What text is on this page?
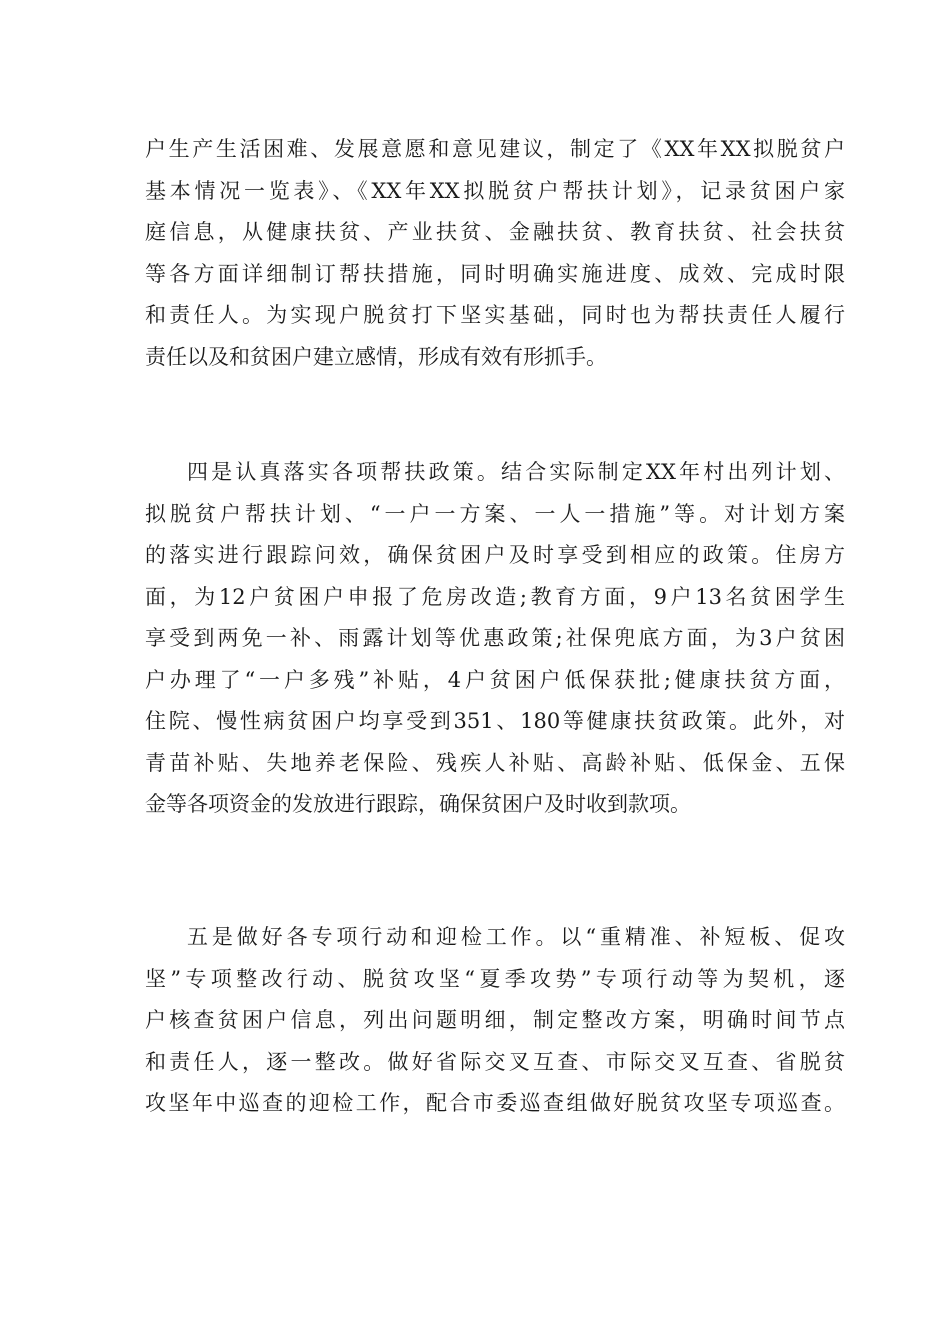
户生产生活困难、发展意愿和意见建议，制定了《XX年XX拟脱贫户
基本情况一览表》、《XX年XX拟脱贫户帮扶计划》，记录贫困户家
庭信息，从健康扶贫、产业扶贫、金融扶贫、教育扶贫、社会扶贫
等各方面详细制订帮扶措施，同时明确实施进度、成效、完成时限
和责任人。为实现户脱贫打下坚实基础，同时也为帮扶责任人履行
责任以及和贫困户建立感情，形成有效有形抓手。

四是认真落实各项帮扶政策。结合实际制定XX年村出列计划、
拟脱贫户帮扶计划、“一户一方案、一人一措施”等。对计划方案
的落实进行跟踪问效，确保贫困户及时享受到相应的政策。住房方
面，为12户贫困户申报了危房改造;教育方面，9户13名贫困学生
享受到两免一补、雨露计划等优惠政策;社保兜底方面，为3户贫困
户办理了“一户多残”补贴，4户贫困户低保获批;健康扶贫方面，
住院、慢性病贫困户均享受到351、180等健康扶贫政策。此外，对
青苗补贴、失地养老保险、残疾人补贴、高龄补贴、低保金、五保
金等各项资金的发放进行跟踪，确保贫困户及时收到款项。

五是做好各专项行动和迎检工作。以“重精准、补短板、促攻
坚”专项整改行动、脱贫攻坚“夏季攻势”专项行动等为契机，逐
户核查贫困户信息，列出问题明细，制定整改方案，明确时间节点
和责任人，逐一整改。做好省际交叉互查、市际交叉互查、省脱贫
攻坚年中巡查的迎检工作，配合市委巡查组做好脱贫攻坚专项巡查。
